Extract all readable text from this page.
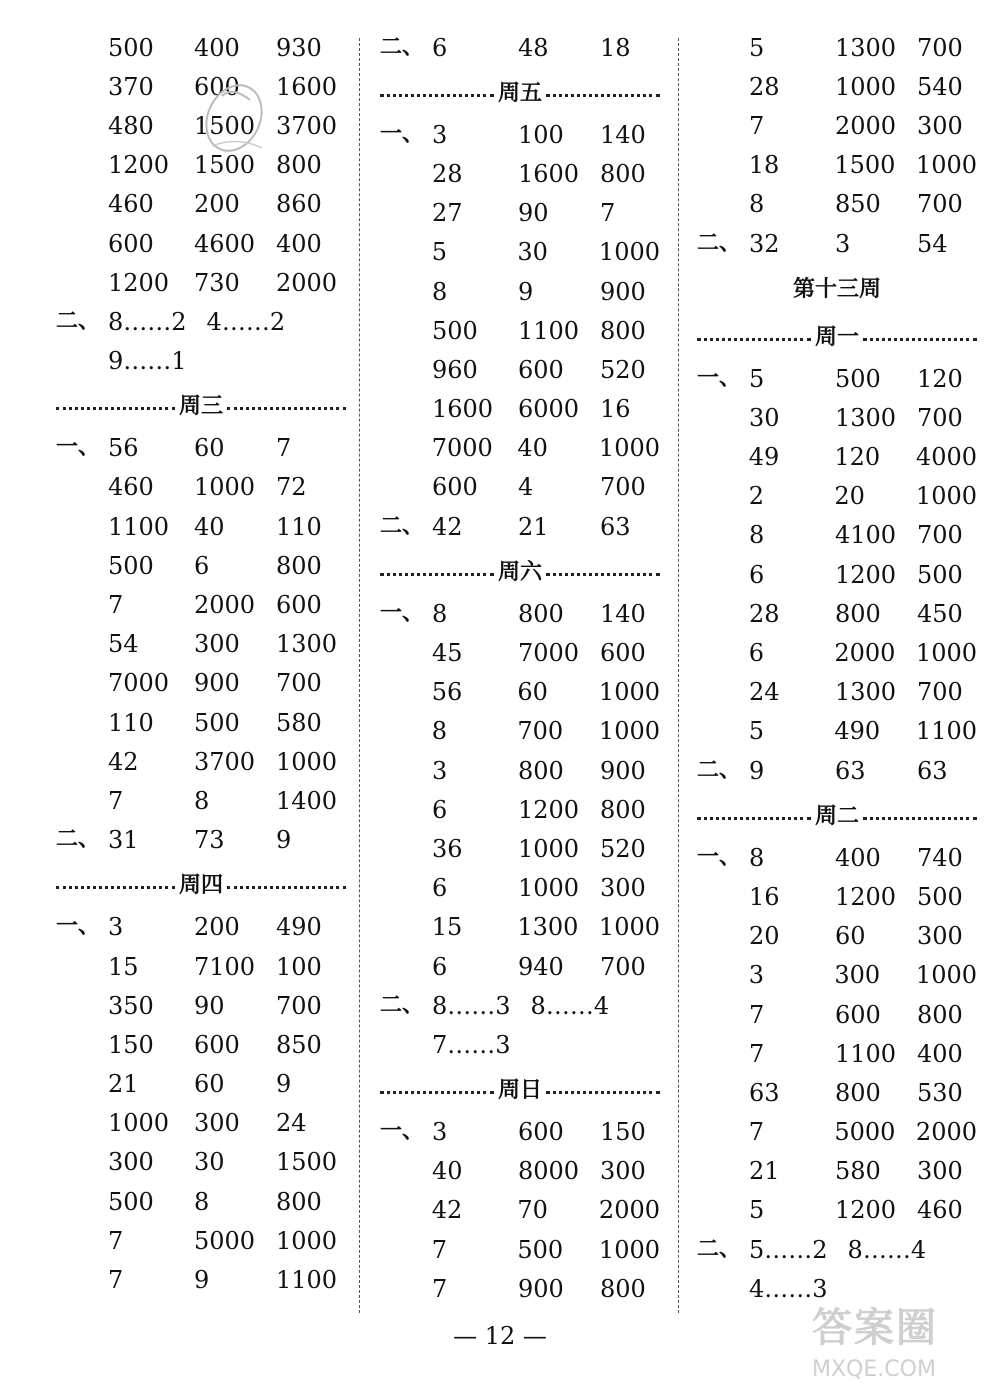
500	400	930
370	600	1600
480	1500 3700
1200	1500 800
460	200	860
600	4600 400
1200	730	2000
二、 8……2 4……2
9……1
周三
一、 56	60	7
460	1000 72
1100	40	110
500	6	800
7	2000 600
54	300	1300
7000	900	700
110	500	580
42	3700 1000
7	8	1400
二、 31	73	9
周四
一、 3	200	490
15	7100 100
350	90	700
150	600	850
21	60	9
1000	300	24
300	30	1500
500	8	800
7	5000 1000
7	9	1100
二、 6	48	18
周五
一、 3	100	140
28	1600 800
27	90	7
5	30	1000
8	9	900
500	1100 800
960	600	520
1600	6000 16
7000	40	1000
600	4	700
二、 42	21	63
周六
一、 8	800	140
45	7000 600
56	60	1000
8	700	1000
3	800	900
6	1200 800
36	1000 520
6	1000 300
15	1300 1000
6	940	700
二、 8……3 8……4
7……3
周日
一、 3	600	150
40	8000 300
42	70	2000
7	500	1000
7	900	800
5	1300 700
28	1000 540
7	2000 300
18	1500 1000
8	850	700
二、 32	3	54
第十三周
周一
一、 5	500	120
30	1300 700
49	120	4000
2	20	1000
8	4100 700
6	1200 500
28	800	450
6	2000 1000
24	1300 700
5	490	1100
二、 9	63	63
周二
一、 8	400	740
16	1200 500
20	60	300
3	300	1000
7	600	800
7	1100 400
63	800	530
7	5000 2000
21	580	300
5	1200 460
二、 5……2 8……4
4……3
— 12 —	答案圈
MXQE.COM
